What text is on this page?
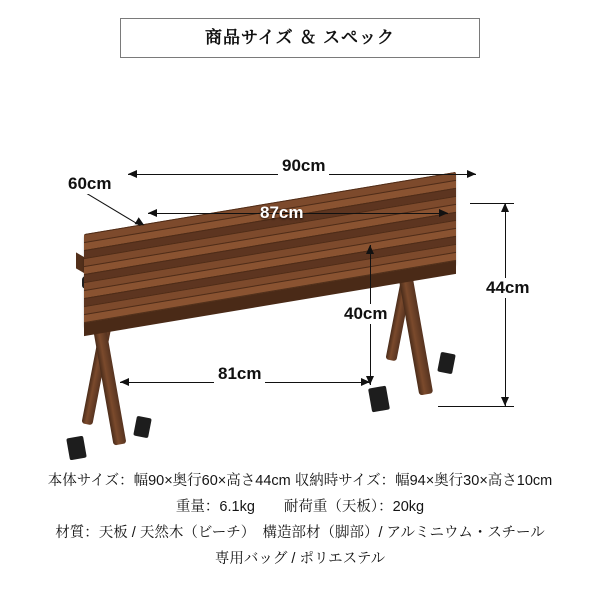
商品サイズ ＆ スペック
90cm
60cm
87cm
44cm
40cm
81cm
本体サイズ：幅90×奥行60×高さ44cm 収納時サイズ：幅94×奥行30×高さ10cm
重量：6.1kg　　耐荷重（天板）：20kg
材質：天板 / 天然木（ビーチ）　構造部材（脚部）/ アルミニウム・スチール
専用バッグ / ポリエステル
